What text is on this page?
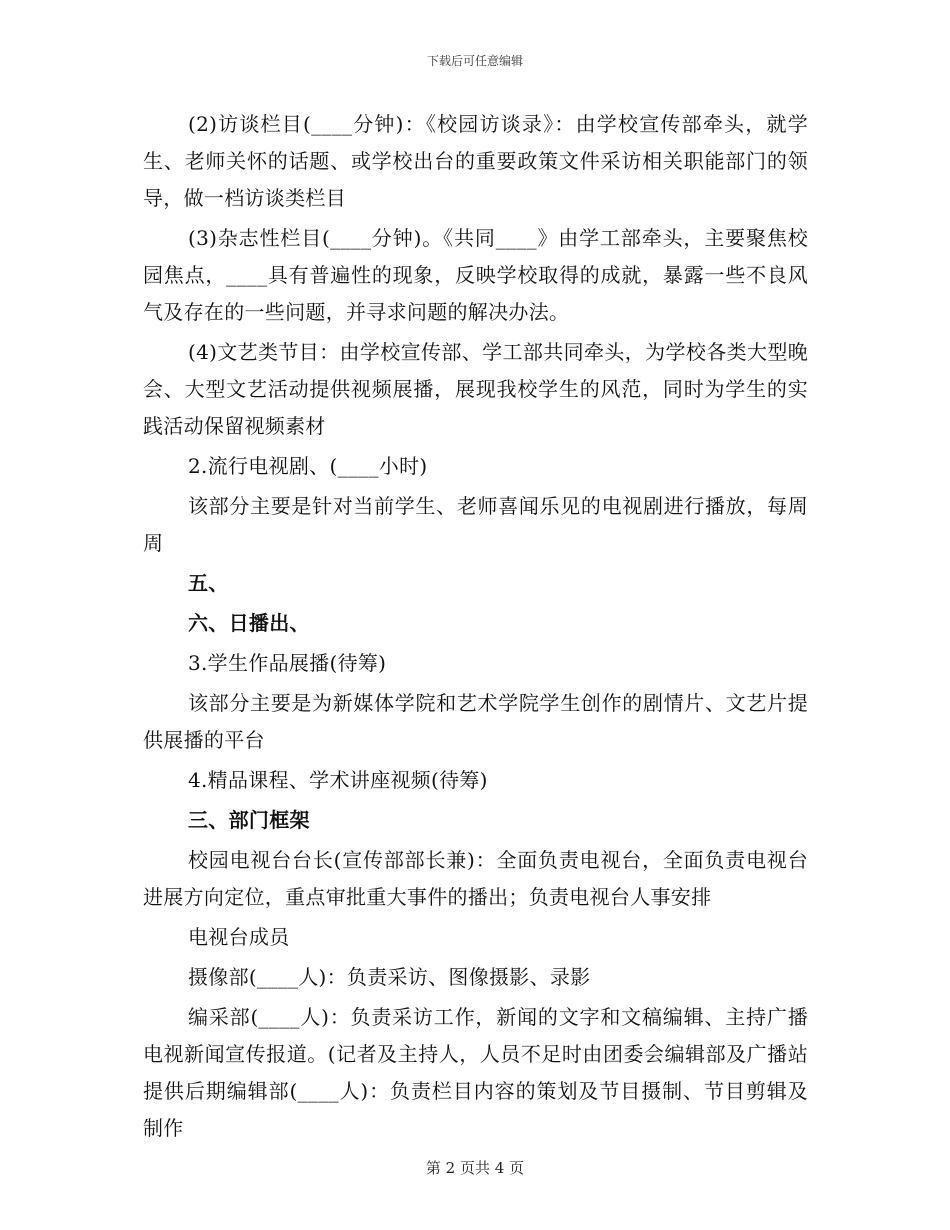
下载后可任意编辑

(2)访谈栏目(____分钟)：《校园访谈录》：由学校宣传部牵头，就学生、老师关怀的话题、或学校出台的重要政策文件采访相关职能部门的领导，做一档访谈类栏目

(3)杂志性栏目(____分钟)。《共同____》由学工部牵头，主要聚焦校园焦点，____具有普遍性的现象，反映学校取得的成就，暴露一些不良风气及存在的一些问题，并寻求问题的解决办法。

(4)文艺类节目：由学校宣传部、学工部共同牵头，为学校各类大型晚会、大型文艺活动提供视频展播，展现我校学生的风范，同时为学生的实践活动保留视频素材

2.流行电视剧、(____小时)

该部分主要是针对当前学生、老师喜闻乐见的电视剧进行播放，每周周

五、

六、日播出、

3.学生作品展播(待筹)

该部分主要是为新媒体学院和艺术学院学生创作的剧情片、文艺片提供展播的平台

4.精品课程、学术讲座视频(待筹)

三、部门框架

校园电视台台长(宣传部部长兼)：全面负责电视台，全面负责电视台进展方向定位，重点审批重大事件的播出；负责电视台人事安排

电视台成员

摄像部(____人)：负责采访、图像摄影、录影

编采部(____人)：负责采访工作，新闻的文字和文稿编辑、主持广播电视新闻宣传报道。(记者及主持人，人员不足时由团委会编辑部及广播站提供后期编辑部(____人)：负责栏目内容的策划及节目摄制、节目剪辑及制作

第 2 页共 4 页
